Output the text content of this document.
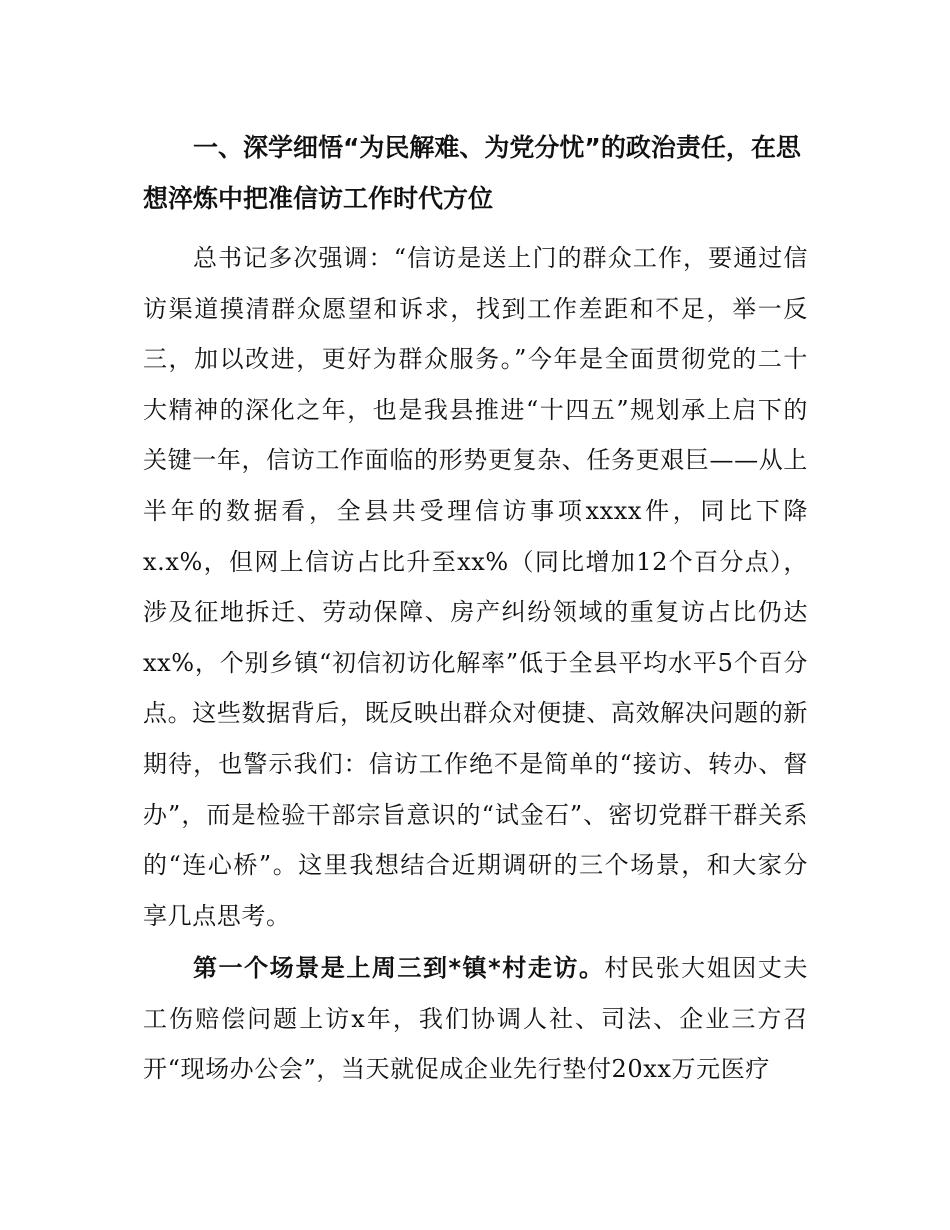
一、深学细悟“为民解难、为党分忧”的政治责任，在思想淬炼中把准信访工作时代方位

总书记多次强调：“信访是送上门的群众工作，要通过信访渠道摸清群众愿望和诉求，找到工作差距和不足，举一反三，加以改进，更好为群众服务。”今年是全面贯彻党的二十大精神的深化之年，也是我县推进“十四五”规划承上启下的关键一年，信访工作面临的形势更复杂、任务更艰巨——从上半年的数据看，全县共受理信访事项xxxx件，同比下降x.x%，但网上信访占比升至xx%（同比增加12个百分点），涉及征地拆迁、劳动保障、房产纠纷领域的重复访占比仍达xx%，个别乡镇“初信初访化解率”低于全县平均水平5个百分点。这些数据背后，既反映出群众对便捷、高效解决问题的新期待，也警示我们：信访工作绝不是简单的“接访、转办、督办”，而是检验干部宗旨意识的“试金石”、密切党群干群关系的“连心桥”。这里我想结合近期调研的三个场景，和大家分享几点思考。

第一个场景是上周三到*镇*村走访。村民张大姐因丈夫工伤赔偿问题上访x年，我们协调人社、司法、企业三方召开“现场办公会”，当天就促成企业先行垫付20xx万元医疗
